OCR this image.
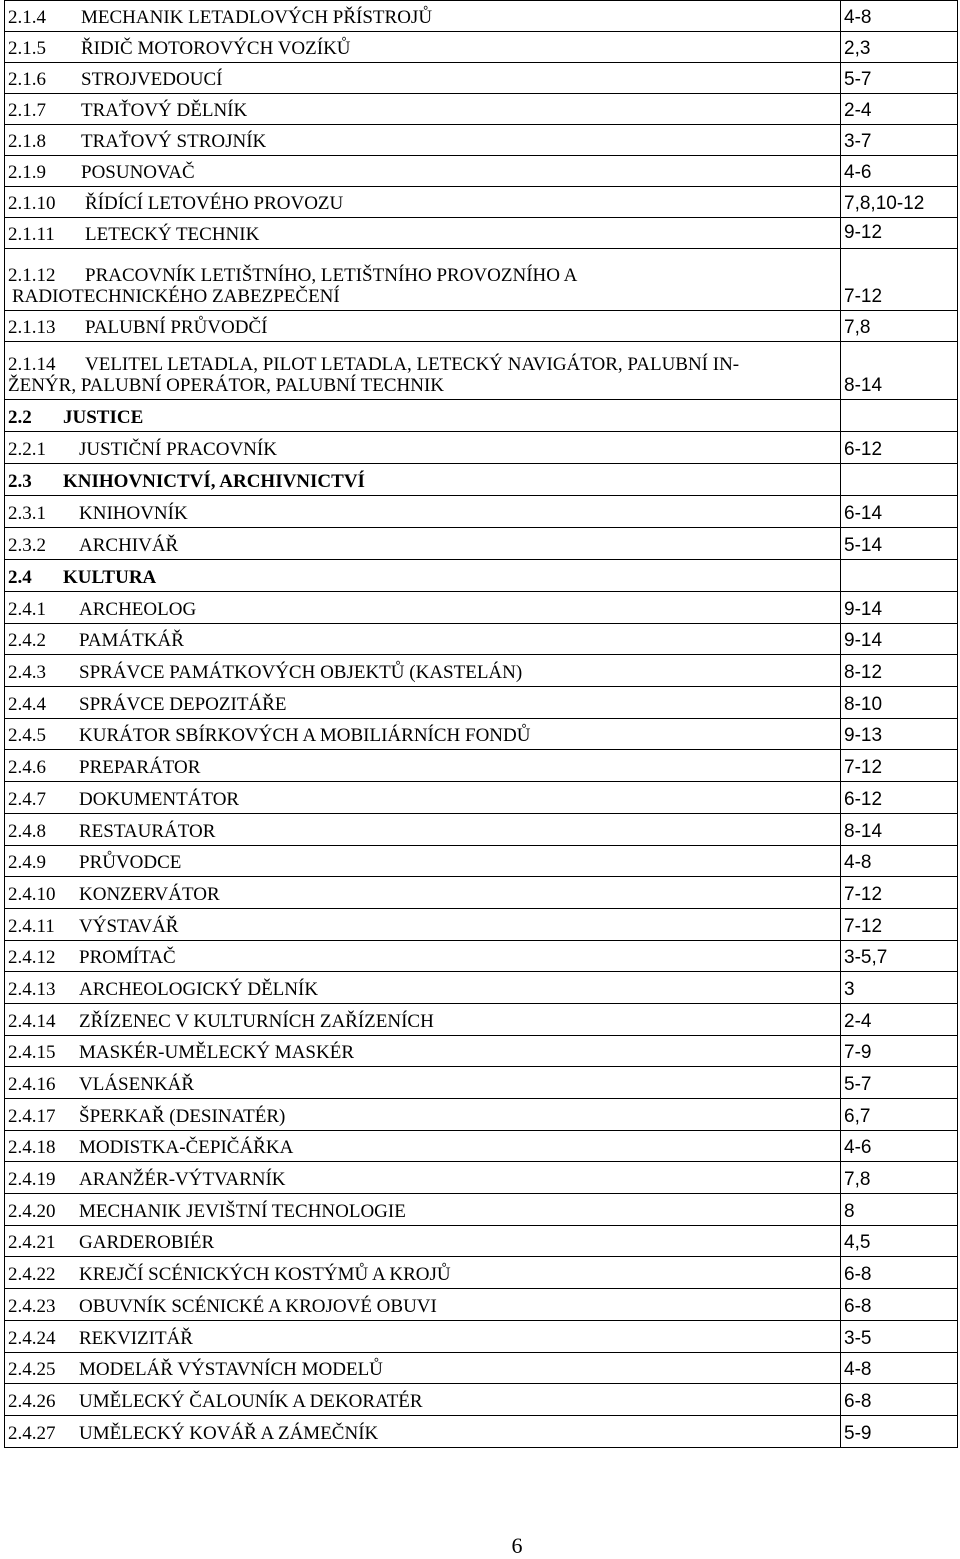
2.1.4 MECHANIK LETADLOVÝCH PŘÍSTROJŮ	4-8
2.1.5 ŘIDIČ MOTOROVÝCH VOZÍKŮ	2,3
2.1.6 STROJVEDOUCÍ	5-7
2.1.7 TRAŤOVÝ DĚLNÍK	2-4
2.1.8 TRAŤOVÝ STROJNÍK	3-7
2.1.9 POSUNOVAČ	4-6
2.1.10 ŘÍDÍCÍ LETOVÉHO PROVOZU	7,8,10-12
2.1.11 LETECKÝ TECHNIK	9-12
2.1.12 PRACOVNÍK LETIŠTNÍHO, LETIŠTNÍHO PROVOZNÍHO A
RADIOTECHNICKÉHO ZABEZPEČENÍ	7-12
2.1.13 PALUBNÍ PRŮVODČÍ	7,8
2.1.14 VELITEL LETADLA, PILOT LETADLA, LETECKÝ NAVIGÁTOR, PALUBNÍ IN-
ŽENÝR, PALUBNÍ OPERÁTOR, PALUBNÍ TECHNIK	8-14
2.2 JUSTICE	
2.2.1 JUSTIČNÍ PRACOVNÍK	6-12
2.3 KNIHOVNICTVÍ, ARCHIVNICTVÍ	
2.3.1 KNIHOVNÍK	6-14
2.3.2 ARCHIVÁŘ	5-14
2.4 KULTURA	
2.4.1 ARCHEOLOG	9-14
2.4.2 PAMÁTKÁŘ	9-14
2.4.3 SPRÁVCE PAMÁTKOVÝCH OBJEKTŮ (KASTELÁN)	8-12
2.4.4 SPRÁVCE DEPOZITÁŘE	8-10
2.4.5 KURÁTOR SBÍRKOVÝCH A MOBILIÁRNÍCH FONDŮ	9-13
2.4.6 PREPARÁTOR	7-12
2.4.7 DOKUMENTÁTOR	6-12
2.4.8 RESTAURÁTOR	8-14
2.4.9 PRŮVODCE	4-8
2.4.10 KONZERVÁTOR	7-12
2.4.11 VÝSTAVÁŘ	7-12
2.4.12 PROMÍTAČ	3-5,7
2.4.13 ARCHEOLOGICKÝ DĚLNÍK	3
2.4.14 ZŘÍZENEC V KULTURNÍCH ZAŘÍZENÍCH	2-4
2.4.15 MASKÉR-UMĚLECKÝ MASKÉR	7-9
2.4.16 VLÁSENKÁŘ	5-7
2.4.17 ŠPERKAŘ (DESINATÉR)	6,7
2.4.18 MODISTKA-ČEPIČÁŘKA	4-6
2.4.19 ARANŽÉR-VÝTVARNÍK	7,8
2.4.20 MECHANIK JEVIŠTNÍ TECHNOLOGIE	8
2.4.21 GARDEROBIÉR	4,5
2.4.22 KREJČÍ SCÉNICKÝCH KOSTÝMŮ A KROJŮ	6-8
2.4.23 OBUVNÍK SCÉNICKÉ A KROJOVÉ OBUVI	6-8
2.4.24 REKVIZITÁŘ	3-5
2.4.25 MODELÁŘ VÝSTAVNÍCH MODELŮ	4-8
2.4.26 UMĚLECKÝ ČALOUNÍK A DEKORATÉR	6-8
2.4.27 UMĚLECKÝ KOVÁŘ A ZÁMEČNÍK	5-9
6
